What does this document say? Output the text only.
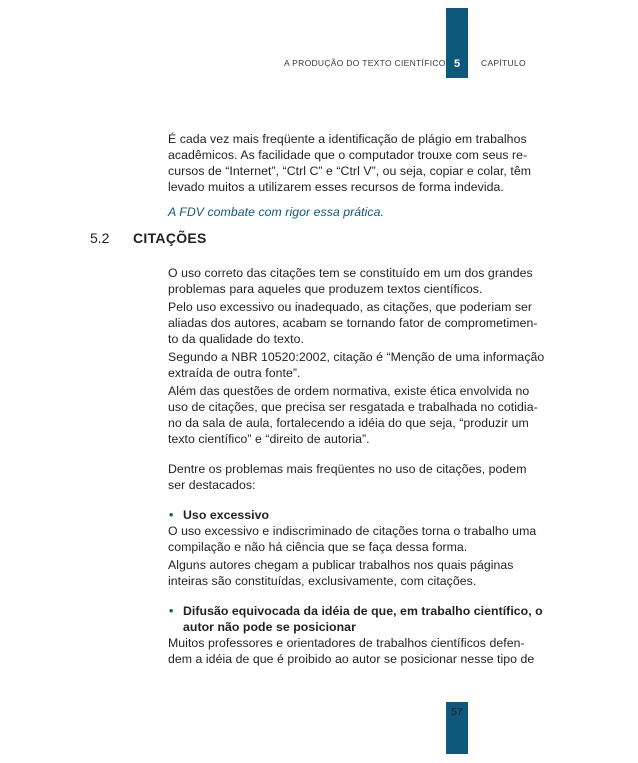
A PRODUÇÃO DO TEXTO CIENTÍFICO 5	CAPÍTULO

É cada vez mais freqüente a identificação de plágio em trabalhos
acadêmicos. As facilidade que o computador trouxe com seus re-
cursos de “Internet”, “Ctrl C” e “Ctrl V”, ou seja, copiar e colar, têm
levado muitos a utilizarem esses recursos de forma indevida.

A FDV combate com rigor essa prática.

5.2 CITAÇÕES

O uso correto das citações tem se constituído em um dos grandes
problemas para aqueles que produzem textos científicos.

Pelo uso excessivo ou inadequado, as citações, que poderiam ser
aliadas dos autores, acabam se tornando fator de comprometimen-
to da qualidade do texto.

Segundo a NBR 10520:2002, citação é “Menção de uma informação
extraída de outra fonte”.

Além das questões de ordem normativa, existe ética envolvida no
uso de citações, que precisa ser resgatada e trabalhada no cotidia-
no da sala de aula, fortalecendo a idéia do que seja, “produzir um
texto científico” e “direito de autoria”.

Dentre os problemas mais freqüentes no uso de citações, podem
ser destacados:

• Uso excessivo

O uso excessivo e indiscriminado de citações torna o trabalho uma
compilação e não há ciência que se faça dessa forma.

Alguns autores chegam a publicar trabalhos nos quais páginas
inteiras são constituídas, exclusivamente, com citações.

• Difusão equivocada da idéia de que, em trabalho científico, o
autor não pode se posicionar

Muitos professores e orientadores de trabalhos científicos defen-
dem a idéia de que é proibido ao autor se posicionar nesse tipo de

57
